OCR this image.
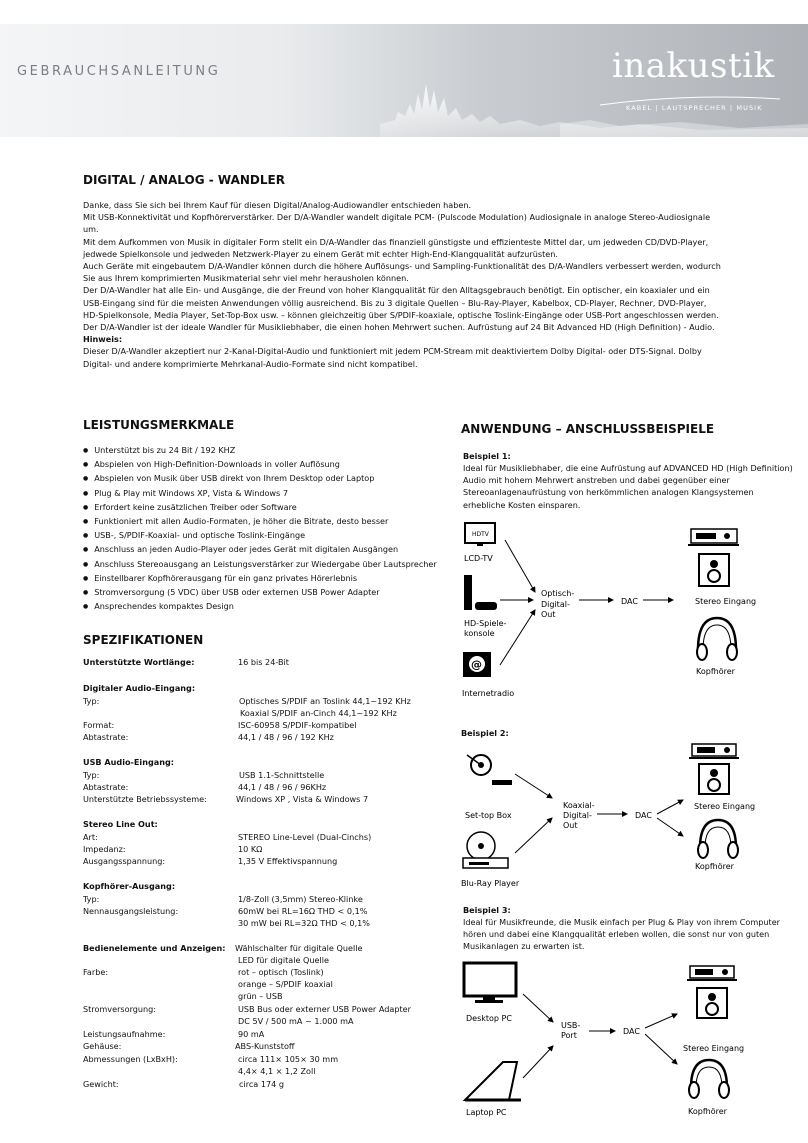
GEBRAUCHSANLEITUNG	inakustik
KABEL | LAUTSPRECHER | MUSIK
DIGITAL / ANALOG - WANDLER

Danke, dass Sie sich bei Ihrem Kauf für diesen Digital/Analog-Audiowandler entschieden haben.

Mit USB-Konnektivität und Kopfhörerverstärker. Der D/A-Wandler wandelt digitale PCM- (Pulscode Modulation) Audiosignale in analoge Stereo-Audiosignale um.

Mit dem Aufkommen von Musik in digitaler Form stellt ein D/A-Wandler das finanziell günstigste und effizienteste Mittel dar, um jedweden CD/DVD-Player, jedwede Spielkonsole und jedweden Netzwerk-Player zu einem Gerät mit echter High-End-Klangqualität aufzurüsten.

Auch Geräte mit eingebautem D/A-Wandler können durch die höhere Auflösungs- und Sampling-Funktionalität des D/A-Wandlers verbessert werden, wodurch Sie aus Ihrem komprimierten Musikmaterial sehr viel mehr herausholen können.

Der D/A-Wandler hat alle Ein- und Ausgänge, die der Freund von hoher Klangqualität für den Alltagsgebrauch benötigt. Ein optischer, ein koaxialer und ein USB-Eingang sind für die meisten Anwendungen völlig ausreichend. Bis zu 3 digitale Quellen – Blu-Ray-Player, Kabelbox, CD-Player, Rechner, DVD-Player, HD-Spielkonsole, Media Player, Set-Top-Box usw. – können gleichzeitig über S/PDIF-koaxiale, optische Toslink-Eingänge oder USB-Port angeschlossen werden.

Der D/A-Wandler ist der ideale Wandler für Musikliebhaber, die einen hohen Mehrwert suchen. Aufrüstung auf 24 Bit Advanced HD (High Definition) - Audio.

Hinweis:

Dieser D/A-Wandler akzeptiert nur 2-Kanal-Digital-Audio und funktioniert mit jedem PCM-Stream mit deaktiviertem Dolby Digital- oder DTS-Signal. Dolby Digital- und andere komprimierte Mehrkanal-Audio-Formate sind nicht kompatibel.

LEISTUNGSMERKMALE
● Unterstützt bis zu 24 Bit / 192 KHZ
● Abspielen von High-Definition-Downloads in voller Auflösung
● Abspielen von Musik über USB direkt von Ihrem Desktop oder Laptop
● Plug & Play mit Windows XP, Vista & Windows 7
● Erfordert keine zusätzlichen Treiber oder Software
● Funktioniert mit allen Audio-Formaten, je höher die Bitrate, desto besser
● USB-, S/PDIF-Koaxial- und optische Toslink-Eingänge
● Anschluss an jeden Audio-Player oder jedes Gerät mit digitalen Ausgängen
● Anschluss Stereoausgang an Leistungsverstärker zur Wiedergabe über Lautsprecher
● Einstellbarer Kopfhörerausgang für ein ganz privates Hörerlebnis
● Stromversorgung (5 VDC) über USB oder externen USB Power Adapter
● Ansprechendes kompaktes Design
SPEZIFIKATIONEN
Unterstützte Wortlänge:	16 bis 24-Bit
Digitaler Audio-Eingang:
Typ:	Optisches S/PDIF an Toslink 44,1~192 KHz
Koaxial S/PDIF an-Cinch 44,1~192 KHz
Format:	ISC-60958 S/PDIF-kompatibel
Abtastrate:	44,1 / 48 / 96 / 192 KHz
USB Audio-Eingang:
Typ:	USB 1.1-Schnittstelle
Abtastrate:	44,1 / 48 / 96 / 96KHz
Unterstützte Betriebssysteme:	Windows XP , Vista & Windows 7
Stereo Line Out:
Art:	STEREO Line-Level (Dual-Cinchs)
Impedanz:	10 KΩ
Ausgangsspannung:	1,35 V Effektivspannung
Kopfhörer-Ausgang:
Typ:	1/8-Zoll (3,5mm) Stereo-Klinke
Nennausgangsleistung:	60mW bei RL=16Ω THD < 0,1%
30 mW bei RL=32Ω THD < 0,1%
Bedienelemente und Anzeigen: Wählschalter für digitale Quelle
LED für digitale Quelle
Farbe:	rot – optisch (Toslink)
orange – S/PDIF koaxial
grün – USB
Stromversorgung:	USB Bus oder externer USB Power Adapter
DC 5V / 500 mA ~ 1.000 mA
Leistungsaufnahme:	90 mA
Gehäuse:	ABS-Kunststoff
Abmessungen (LxBxH):	circa 111× 105× 30 mm
4,4× 4,1 × 1,2 Zoll
Gewicht:	circa 174 g
ANWENDUNG – ANSCHLUSSBEISPIELE
Beispiel 1:
Ideal für Musikliebhaber, die eine Aufrüstung auf ADVANCED HD (High Definition) Audio mit hohem Mehrwert anstreben und dabei gegenüber einer Stereoanlagenaufrüstung von herkömmlichen analogen Klangsystemen erhebliche Kosten einsparen.
HDTV
LCD-TV
HD-Spiele-
konsole
@
Internetradio
Optisch-
Digital-
Out
DAC	Stereo Eingang
Kopfhörer
Beispiel 2:
Set-top Box
Blu-Ray Player
Koaxial-
Digital-
Out
DAC
Stereo Eingang
Kopfhörer
Beispiel 3:
Ideal für Musikfreunde, die Musik einfach per Plug & Play von ihrem Computer hören und dabei eine Klangqualität erleben wollen, die sonst nur von guten Musikanlagen zu erwarten ist.
Desktop PC
Laptop PC
USB-
Port	DAC
Stereo Eingang
Kopfhörer
